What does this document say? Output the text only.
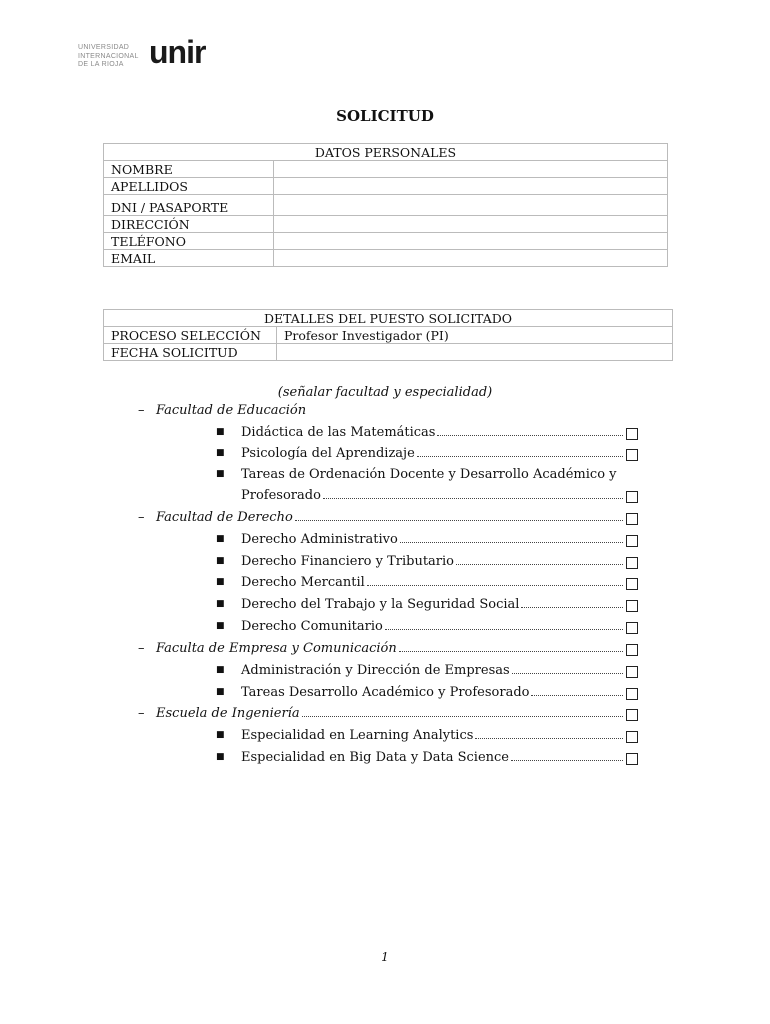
UNIVERSIDAD
INTERNACIONAL
DE LA RIOJA unir
SOLICITUD
DATOS PERSONALES	
NOMBRE	
APELLIDOS	
DNI / PASAPORTE	
DIRECCIÓN	
TELÉFONO	
EMAIL	
DETALLES DEL PUESTO SOLICITADO	
PROCESO SELECCIÓN	Profesor Investigador (PI)
FECHA SOLICITUD	
(señalar facultad y especialidad)
– Facultad de Educación
■ Didáctica de las Matemáticas
■ Psicología del Aprendizaje
■ Tareas de Ordenación Docente y Desarrollo Académico y
Profesorado
– Facultad de Derecho
■ Derecho Administrativo
■ Derecho Financiero y Tributario
■ Derecho Mercantil
■ Derecho del Trabajo y la Seguridad Social
■ Derecho Comunitario
– Faculta de Empresa y Comunicación
■ Administración y Dirección de Empresas
■ Tareas Desarrollo Académico y Profesorado
– Escuela de Ingeniería
■ Especialidad en Learning Analytics
■ Especialidad en Big Data y Data Science
1
